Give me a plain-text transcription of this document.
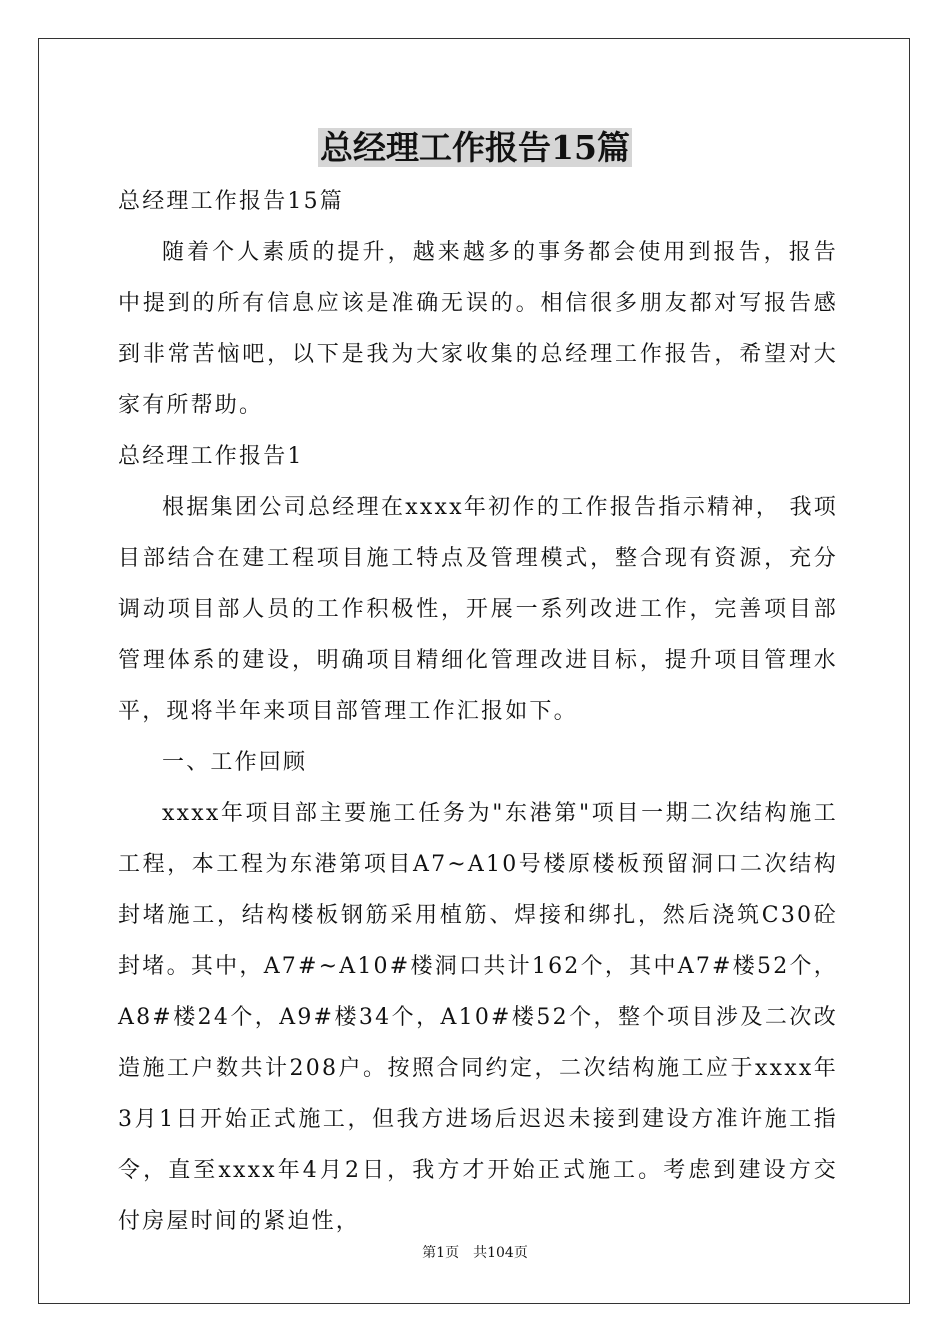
总经理工作报告15篇

总经理工作报告15篇

随着个人素质的提升，越来越多的事务都会使用到报告，报告中提到的所有信息应该是准确无误的。相信很多朋友都对写报告感到非常苦恼吧，以下是我为大家收集的总经理工作报告，希望对大家有所帮助。

总经理工作报告1

根据集团公司总经理在xxxx年初作的工作报告指示精神， 我项目部结合在建工程项目施工特点及管理模式，整合现有资源，充分调动项目部人员的工作积极性，开展一系列改进工作，完善项目部管理体系的建设，明确项目精细化管理改进目标，提升项目管理水平，现将半年来项目部管理工作汇报如下。

一、工作回顾

xxxx年项目部主要施工任务为"东港第"项目一期二次结构施工工程，本工程为东港第项目A7~A10号楼原楼板预留洞口二次结构封堵施工，结构楼板钢筋采用植筋、焊接和绑扎，然后浇筑C30砼封堵。其中，A7#~A10#楼洞口共计162个，其中A7#楼52个，A8#楼24个，A9#楼34个，A10#楼52个，整个项目涉及二次改造施工户数共计208户。按照合同约定，二次结构施工应于xxxx年3月1日开始正式施工，但我方进场后迟迟未接到建设方准许施工指令，直至xxxx年4月2日，我方才开始正式施工。考虑到建设方交付房屋时间的紧迫性，

第1页 共104页
